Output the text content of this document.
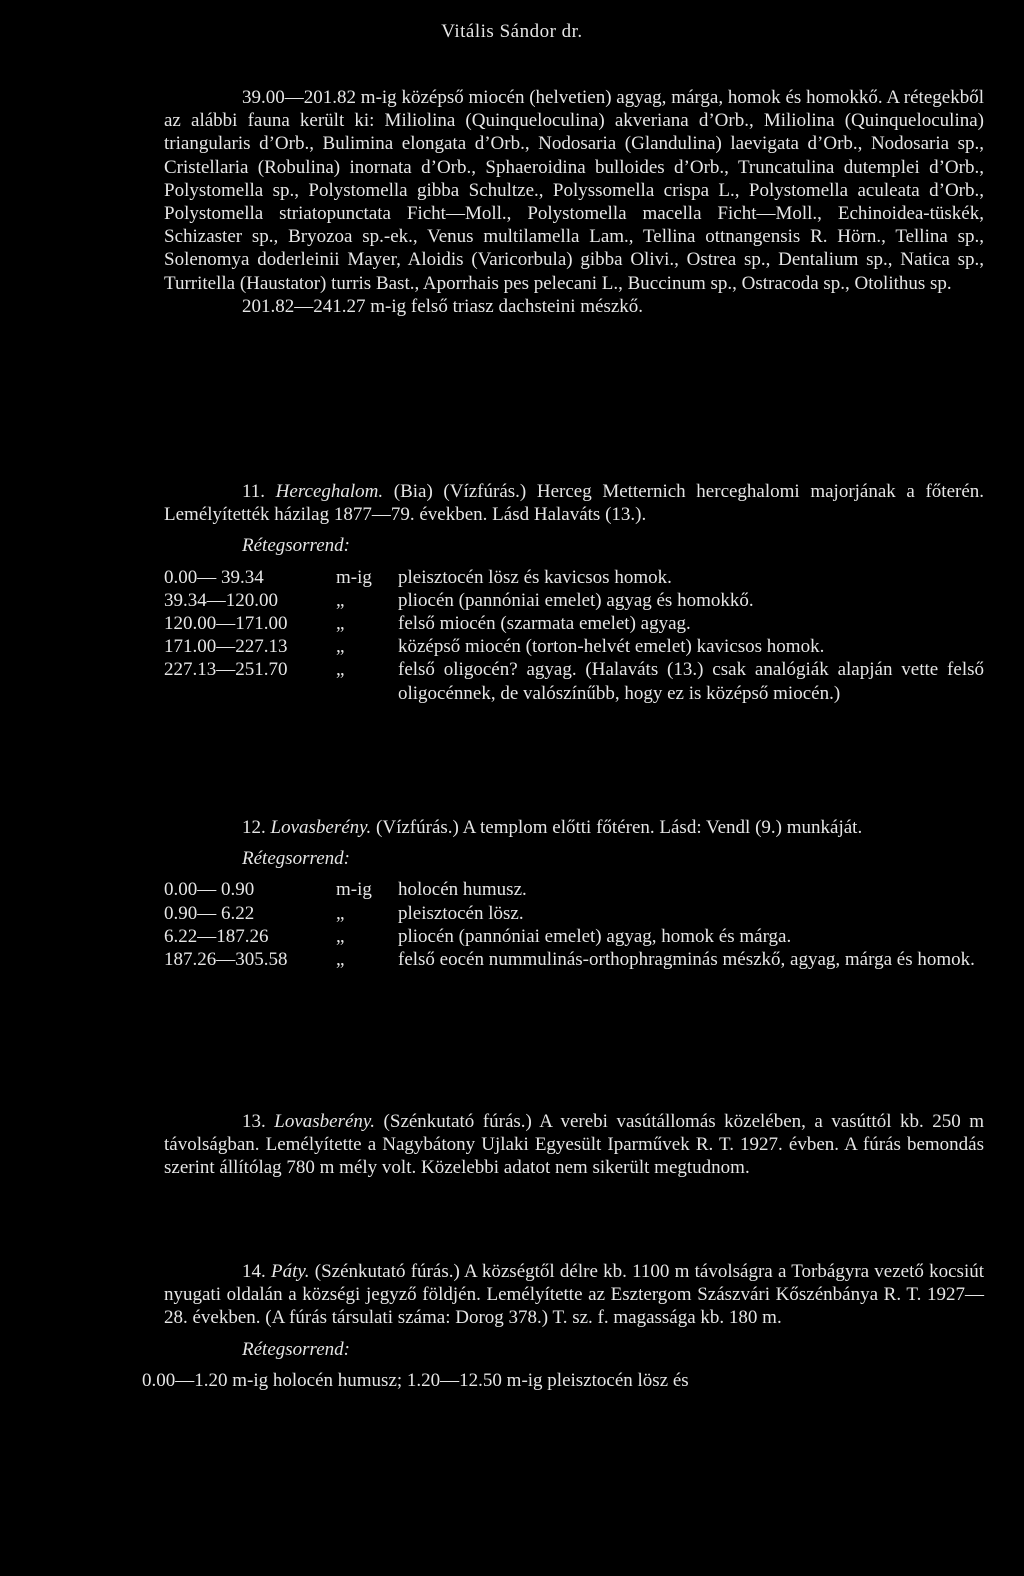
Vitális Sándor dr.

39.00—201.82 m-ig középső miocén (helvetien) agyag, márga, homok és homokkő. A rétegekből az alábbi fauna került ki: Miliolina (Quinqueloculina) akveriana d’Orb., Miliolina (Quinqueloculina) triangularis d’Orb., Bulimina elongata d’Orb., Nodosaria (Glandulina) laevigata d’Orb., Nodosaria sp., Cristellaria (Robulina) inornata d’Orb., Sphaeroidina bulloides d’Orb., Truncatulina dutemplei d’Orb., Polystomella sp., Polystomella gibba Schultze., Polyssomella crispa L., Polystomella aculeata d’Orb., Polystomella striatopunctata Ficht—Moll., Polystomella macella Ficht—Moll., Echinoidea-tüskék, Schizaster sp., Bryozoa sp.-ek., Venus multilamella Lam., Tellina ottnangensis R. Hörn., Tellina sp., Solenomya doderleinii Mayer, Aloidis (Varicorbula) gibba Olivi., Ostrea sp., Dentalium sp., Natica sp., Turritella (Haustator) turris Bast., Aporrhais pes pelecani L., Buccinum sp., Ostracoda sp., Otolithus sp.

201.82—241.27 m-ig felső triasz dachsteini mészkő.

11. Herceghalom. (Bia) (Vízfúrás.) Herceg Metternich herceghalomi majorjának a főterén. Lemélyítették házilag 1877—79. években. Lásd Halaváts (13.).

Rétegsorrend:

0.00— 39.34	m-ig	pleisztocén lösz és kavicsos homok.
39.34—120.00	„	pliocén (pannóniai emelet) agyag és homokkő.
120.00—171.00	„	felső miocén (szarmata emelet) agyag.
171.00—227.13	„	középső miocén (torton-helvét emelet) kavicsos homok.
227.13—251.70	„	felső oligocén? agyag. (Halaváts (13.) csak analógiák alapján vette felső oligocénnek, de valószínűbb, hogy ez is középső miocén.)

12. Lovasberény. (Vízfúrás.) A templom előtti főtéren. Lásd: Vendl (9.) munkáját.

Rétegsorrend:

0.00— 0.90	m-ig	holocén humusz.
0.90— 6.22	„	pleisztocén lösz.
6.22—187.26	„	pliocén (pannóniai emelet) agyag, homok és márga.
187.26—305.58	„	felső eocén nummulinás-orthophragminás mészkő, agyag, márga és homok.

13. Lovasberény. (Szénkutató fúrás.) A verebi vasútállomás közelében, a vasúttól kb. 250 m távolságban. Lemélyítette a Nagybátony Ujlaki Egyesült Iparművek R. T. 1927. évben. A fúrás bemondás szerint állítólag 780 m mély volt. Közelebbi adatot nem sikerült megtudnom.

14. Páty. (Szénkutató fúrás.) A községtől délre kb. 1100 m távolságra a Torbágyra vezető kocsiút nyugati oldalán a községi jegyző földjén. Lemélyítette az Esztergom Szászvári Kőszénbánya R. T. 1927—28. években. (A fúrás társulati száma: Dorog 378.) T. sz. f. magassága kb. 180 m.

Rétegsorrend:

0.00—1.20 m-ig holocén humusz; 1.20—12.50 m-ig pleisztocén lösz és
